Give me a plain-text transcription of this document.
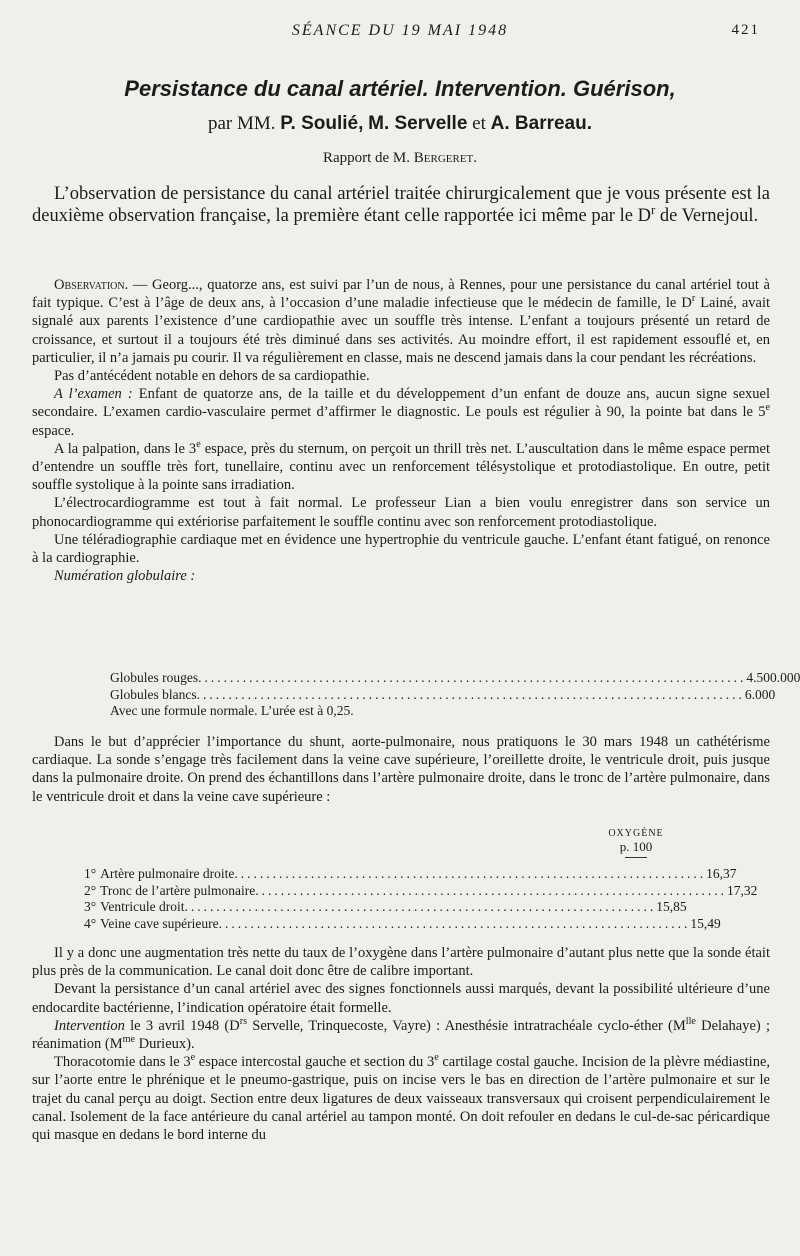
SÉANCE DU 19 MAI 1948	421
Persistance du canal artériel. Intervention. Guérison,
par MM. P. Soulié, M. Servelle et A. Barreau.
Rapport de M. Bergeret.

L’observation de persistance du canal artériel traitée chirurgicalement que je vous présente est la deuxième observation française, la première étant celle rapportée ici même par le $D^r$ de Vernejoul.

Observation. — Georg..., quatorze ans, est suivi par l’un de nous, à Rennes, pour une persistance du canal artériel tout à fait typique. C’est à l’âge de deux ans, à l’occasion d’une maladie infectieuse que le médecin de famille, le $D^r$ Lainé, avait signalé aux parents l’existence d’une cardiopathie avec un souffle très intense. L’enfant a toujours présenté un retard de croissance, et surtout il a toujours été très diminué dans ses activités. Au moindre effort, il est rapidement essouflé et, en particulier, il n’a jamais pu courir. Il va régulièrement en classe, mais ne descend jamais dans la cour pendant les récréations.

Pas d’antécédent notable en dehors de sa cardiopathie.

A l’examen : Enfant de quatorze ans, de la taille et du développement d’un enfant de douze ans, aucun signe sexuel secondaire. L’examen cardio-vasculaire permet d’affirmer le diagnostic. Le pouls est régulier à 90, la pointe bat dans le 5e espace.

A la palpation, dans le 3e espace, près du sternum, on perçoit un thrill très net. L’auscultation dans le même espace permet d’entendre un souffle très fort, tunellaire, continu avec un renforcement télésystolique et protodiastolique. En outre, petit souffle systolique à la pointe sans irradiation.

L’électrocardiogramme est tout à fait normal. Le professeur Lian a bien voulu enregistrer dans son service un phonocardiogramme qui extériorise parfaitement le souffle continu avec son renforcement protodiastolique.

Une téléradiographie cardiaque met en évidence une hypertrophie du ventricule gauche. L’enfant étant fatigué, on renonce à la cardiographie.

Numération globulaire :

Globules rouges ...................................................................................... 4.500.000
Globules blancs ...................................................................................... 6.000
Avec une formule normale. L’urée est à 0,25.

Dans le but d’apprécier l’importance du shunt, aorte-pulmonaire, nous pratiquons le 30 mars 1948 un cathétérisme cardiaque. La sonde s’engage très facilement dans la veine cave supérieure, l’oreillette droite, le ventricule droit, puis jusque dans la pulmonaire droite. On prend des échantillons dans l’artère pulmonaire droite, dans le tronc de l’artère pulmonaire, dans le ventricule droit et dans la veine cave supérieure :

OXYGÈNE
p. 100
1° Artère pulmonaire droite .......................................................................... 16,37
2° Tronc de l’artère pulmonaire .......................................................................... 17,32
3° Ventricule droit .......................................................................... 15,85
4° Veine cave supérieure .......................................................................... 15,49

Il y a donc une augmentation très nette du taux de l’oxygène dans l’artère pulmonaire d’autant plus nette que la sonde était plus près de la communication. Le canal doit donc être de calibre important.

Devant la persistance d’un canal artériel avec des signes fonctionnels aussi marqués, devant la possibilité ultérieure d’une endocardite bactérienne, l’indication opératoire était formelle.

Intervention le 3 avril 1948 ($D^{rs}$ Servelle, Trinquecoste, Vayre) : Anesthésie intratrachéale cyclo-éther ($M^{lle}$ Delahaye) ; réanimation ($M^{me}$ Durieux).

Thoracotomie dans le 3e espace intercostal gauche et section du 3e cartilage costal gauche. Incision de la plèvre médiastine, sur l’aorte entre le phrénique et le pneumo-gastrique, puis on incise vers le bas en direction de l’artère pulmonaire et sur le trajet du canal perçu au doigt. Section entre deux ligatures de deux vaisseaux transversaux qui croisent perpendiculairement le canal. Isolement de la face antérieure du canal artériel au tampon monté. On doit refouler en dedans le cul-de-sac péricardique qui masque en dedans le bord interne du
